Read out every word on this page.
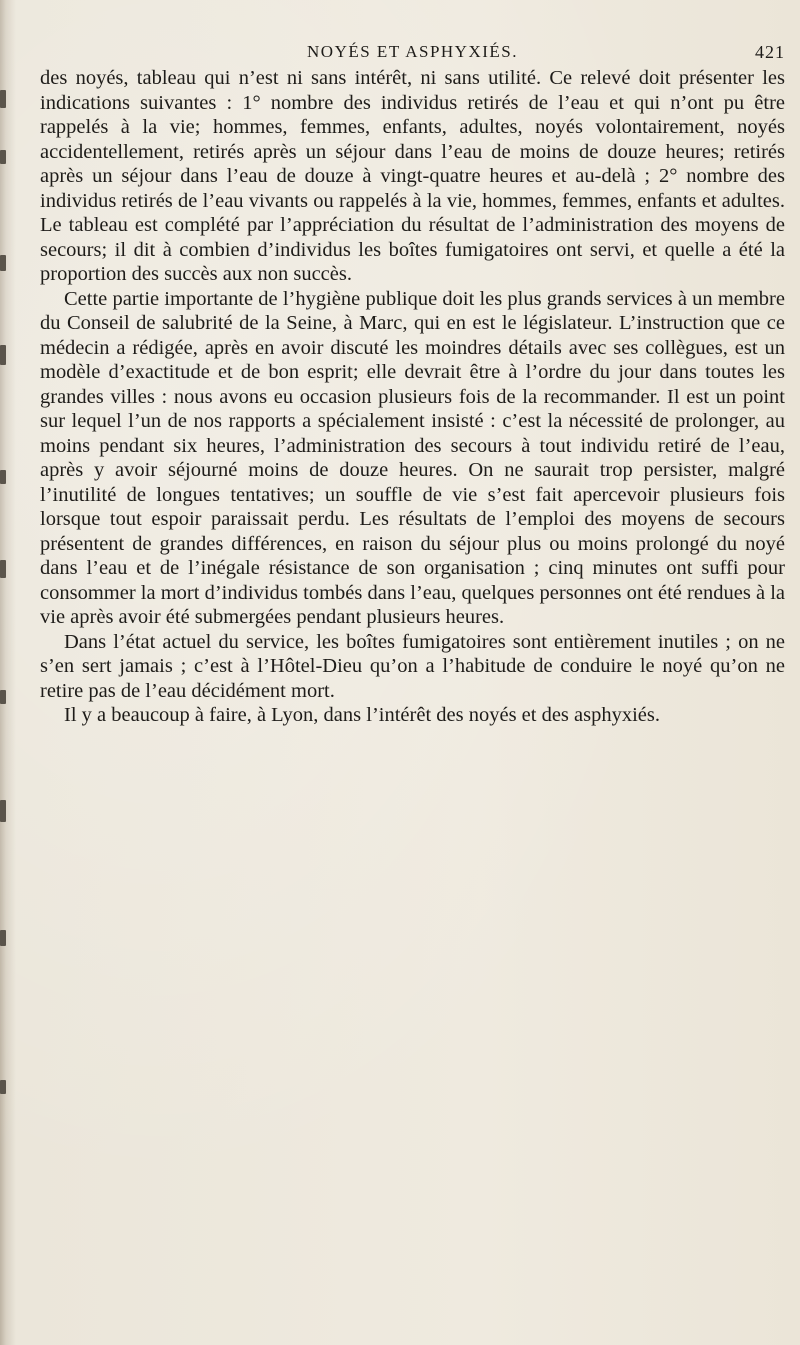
NOYÉS ET ASPHYXIÉS.	421

des noyés, tableau qui n’est ni sans intérêt, ni sans utilité. Ce relevé doit présenter les indications suivantes : 1° nombre des individus retirés de l’eau et qui n’ont pu être rappelés à la vie; hommes, femmes, enfants, adultes, noyés volontairement, noyés accidentellement, retirés après un séjour dans l’eau de moins de douze heures; retirés après un séjour dans l’eau de douze à vingt-quatre heures et au-delà ; 2° nombre des individus retirés de l’eau vivants ou rappelés à la vie, hommes, femmes, enfants et adultes. Le tableau est complété par l’appréciation du résultat de l’administration des moyens de secours; il dit à combien d’individus les boîtes fumigatoires ont servi, et quelle a été la proportion des succès aux non succès.

Cette partie importante de l’hygiène publique doit les plus grands services à un membre du Conseil de salubrité de la Seine, à Marc, qui en est le législateur. L’instruction que ce médecin a rédigée, après en avoir discuté les moindres détails avec ses collègues, est un modèle d’exactitude et de bon esprit; elle devrait être à l’ordre du jour dans toutes les grandes villes : nous avons eu occasion plusieurs fois de la recommander. Il est un point sur lequel l’un de nos rapports a spécialement insisté : c’est la nécessité de prolonger, au moins pendant six heures, l’administration des secours à tout individu retiré de l’eau, après y avoir séjourné moins de douze heures. On ne saurait trop persister, malgré l’inutilité de longues tentatives; un souffle de vie s’est fait apercevoir plusieurs fois lorsque tout espoir paraissait perdu. Les résultats de l’emploi des moyens de secours présentent de grandes différences, en raison du séjour plus ou moins prolongé du noyé dans l’eau et de l’inégale résistance de son organisation ; cinq minutes ont suffi pour consommer la mort d’individus tombés dans l’eau, quelques personnes ont été rendues à la vie après avoir été submergées pendant plusieurs heures.

Dans l’état actuel du service, les boîtes fumigatoires sont entièrement inutiles ; on ne s’en sert jamais ; c’est à l’Hôtel-Dieu qu’on a l’habitude de conduire le noyé qu’on ne retire pas de l’eau décidément mort.

Il y a beaucoup à faire, à Lyon, dans l’intérêt des noyés et des asphyxiés.
